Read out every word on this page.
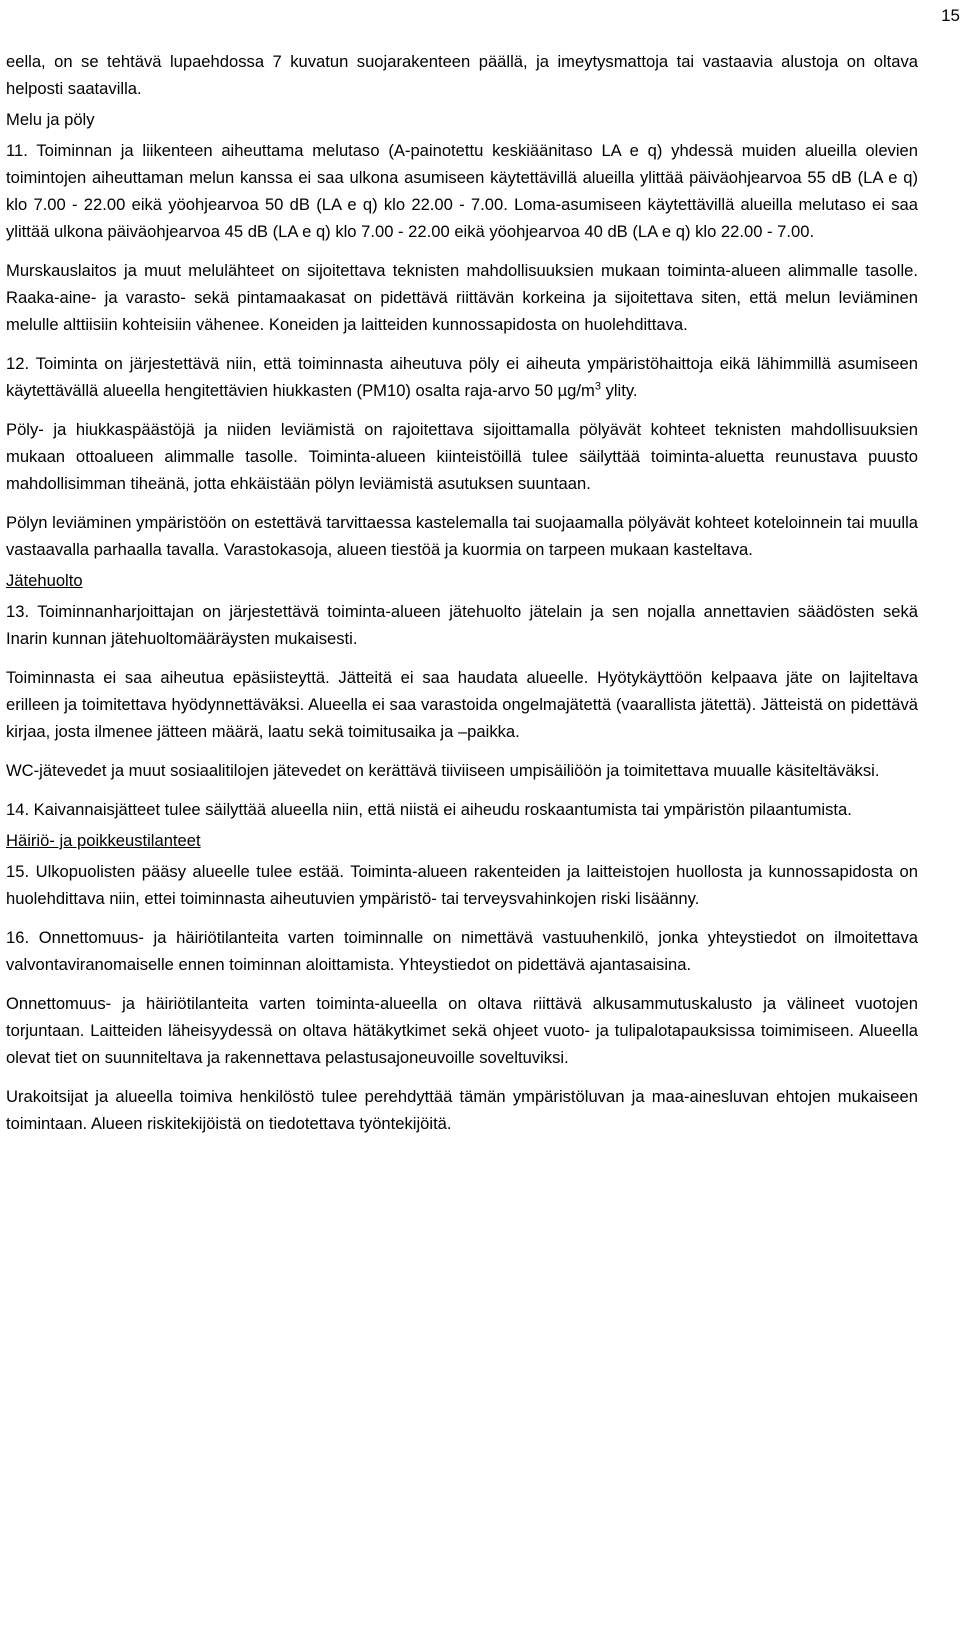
15

eella, on se tehtävä lupaehdossa 7 kuvatun suojarakenteen päällä, ja imeytysmattoja tai vastaavia alustoja on oltava helposti saatavilla.

Melu ja pöly

11. Toiminnan ja liikenteen aiheuttama melutaso (A-painotettu keskiäänitaso LA e q) yhdessä muiden alueilla olevien toimintojen aiheuttaman melun kanssa ei saa ulkona asumiseen käytettävillä alueilla ylittää päiväohjearvoa 55 dB (LA e q) klo 7.00 - 22.00 eikä yöohjearvoa 50 dB (LA e q) klo 22.00 - 7.00. Loma-asumiseen käytettävillä alueilla melutaso ei saa ylittää ulkona päiväohjearvoa 45 dB (LA e q) klo 7.00 - 22.00 eikä yöohjearvoa 40 dB (LA e q) klo 22.00 - 7.00.

Murskauslaitos ja muut melulähteet on sijoitettava teknisten mahdollisuuksien mukaan toiminta-alueen alimmalle tasolle. Raaka-aine- ja varasto- sekä pintamaakasat on pidettävä riittävän korkeina ja sijoitettava siten, että melun leviäminen melulle alttiisiin kohteisiin vähenee. Koneiden ja laitteiden kunnossapidosta on huolehdittava.

12. Toiminta on järjestettävä niin, että toiminnasta aiheutuva pöly ei aiheuta ympäristöhaittoja eikä lähimmillä asumiseen käytettävällä alueella hengitettävien hiukkasten (PM10) osalta raja-arvo 50 $\mu g/m^3$ ylity.

Pöly- ja hiukkaspäästöjä ja niiden leviämistä on rajoitettava sijoittamalla pölyävät kohteet teknisten mahdollisuuksien mukaan ottoalueen alimmalle tasolle. Toiminta-alueen kiinteistöillä tulee säilyttää toiminta-aluetta reunustava puusto mahdollisimman tiheänä, jotta ehkäistään pölyn leviämistä asutuksen suuntaan.

Pölyn leviäminen ympäristöön on estettävä tarvittaessa kastelemalla tai suojaamalla pölyävät kohteet koteloinnein tai muulla vastaavalla parhaalla tavalla. Varastokasoja, alueen tiestöä ja kuormia on tarpeen mukaan kasteltava.

Jätehuolto

13. Toiminnanharjoittajan on järjestettävä toiminta-alueen jätehuolto jätelain ja sen nojalla annettavien säädösten sekä Inarin kunnan jätehuoltomääräysten mukaisesti.

Toiminnasta ei saa aiheutua epäsiisteyttä. Jätteitä ei saa haudata alueelle. Hyötykäyttöön kelpaava jäte on lajiteltava erilleen ja toimitettava hyödynnettäväksi. Alueella ei saa varastoida ongelmajätettä (vaarallista jätettä). Jätteistä on pidettävä kirjaa, josta ilmenee jätteen määrä, laatu sekä toimitusaika ja –paikka.

WC-jätevedet ja muut sosiaalitilojen jätevedet on kerättävä tiiviiseen umpisäiliöön ja toimitettava muualle käsiteltäväksi.

14. Kaivannaisjätteet tulee säilyttää alueella niin, että niistä ei aiheudu roskaantumista tai ympäristön pilaantumista.

Häiriö- ja poikkeustilanteet

15. Ulkopuolisten pääsy alueelle tulee estää. Toiminta-alueen rakenteiden ja laitteistojen huollosta ja kunnossapidosta on huolehdittava niin, ettei toiminnasta aiheutuvien ympäristö- tai terveysvahinkojen riski lisäänny.

16. Onnettomuus- ja häiriötilanteita varten toiminnalle on nimettävä vastuuhenkilö, jonka yhteystiedot on ilmoitettava valvontaviranomaiselle ennen toiminnan aloittamista. Yhteystiedot on pidettävä ajantasaisina.

Onnettomuus- ja häiriötilanteita varten toiminta-alueella on oltava riittävä alkusammutuskalusto ja välineet vuotojen torjuntaan. Laitteiden läheisyydessä on oltava hätäkytkimet sekä ohjeet vuoto- ja tulipalotapauksissa toimimiseen. Alueella olevat tiet on suunniteltava ja rakennettava pelastusajoneuvoille soveltuviksi.

Urakoitsijat ja alueella toimiva henkilöstö tulee perehdyttää tämän ympäristöluvan ja maa-ainesluvan ehtojen mukaiseen toimintaan. Alueen riskitekijöistä on tiedotettava työntekijöitä.
